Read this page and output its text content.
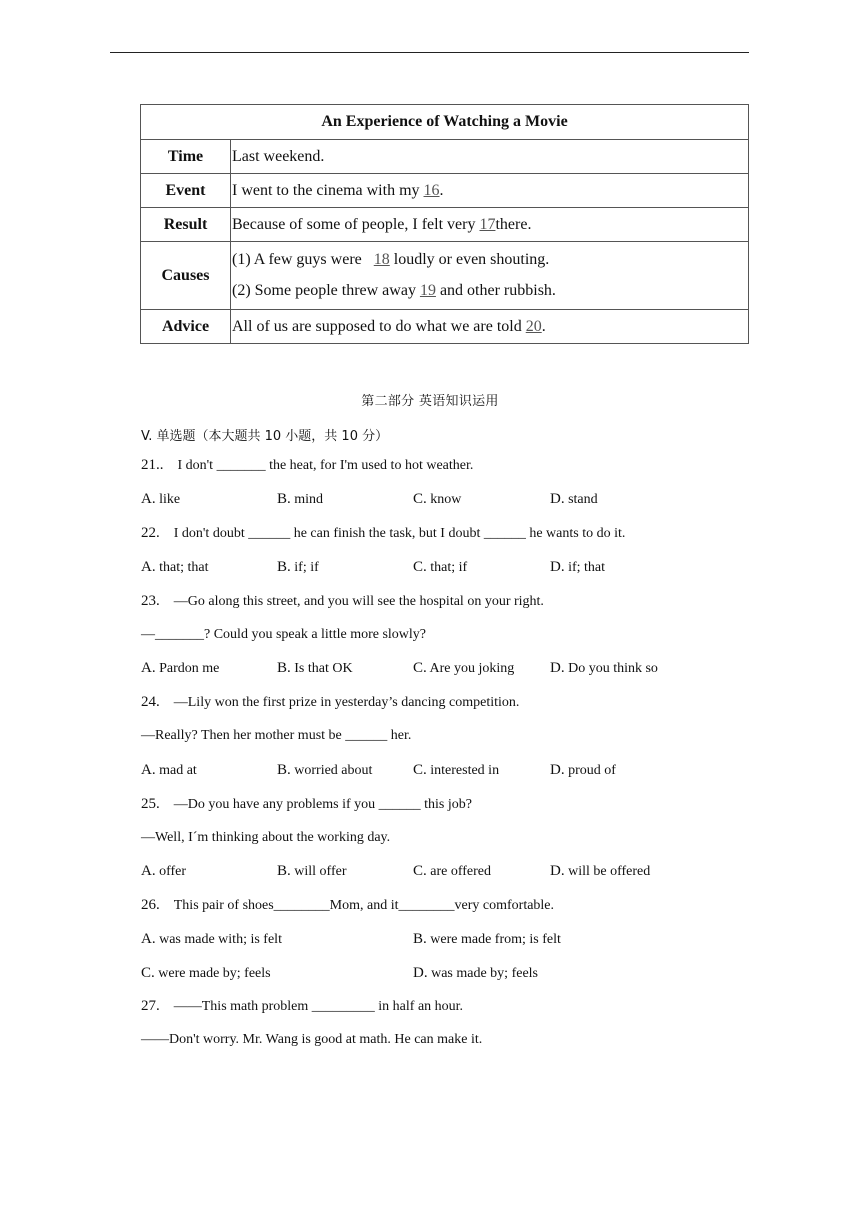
An Experience of Watching a Movie	
Time	Last weekend.
Event	I went to the cinema with my 16.
Result	Because of some of people, I felt very 17there.
Causes	(1) A few guys were   18 loudly or even shouting.
(2) Some people threw away 19 and other rubbish.

Advice	All of us are supposed to do what we are told 20.
第二部分 英语知识运用
V. 单选题（本大题共 10 小题，共 10 分）
21.. I don't _______ the heat, for I'm used to hot weather.
A. like	B. mind	C. know	D. stand
22. I don't doubt ______ he can finish the task, but I doubt ______ he wants to do it.
A. that; that	B. if; if	C. that; if	D. if; that
23. —Go along this street, and you will see the hospital on your right.
—_______? Could you speak a little more slowly?
A. Pardon me	B. Is that OK	C. Are you joking D. Do you think so
24. —Lily won the first prize in yesterday’s dancing competition.
—Really? Then her mother must be ______ her.
A. mad at	B. worried about	C. interested in	D. proud of
25. —Do you have any problems if you ______ this job?
—Well, I´m thinking about the working day.
A. offer	B. will offer	C. are offered	D. will be offered
26. This pair of shoes________Mom, and it________very comfortable.
A. was made with; is felt	B. were made from; is felt
C. were made by; feels	D. was made by; feels
27. ——This math problem _________ in half an hour.
——Don't worry. Mr. Wang is good at math. He can make it.
